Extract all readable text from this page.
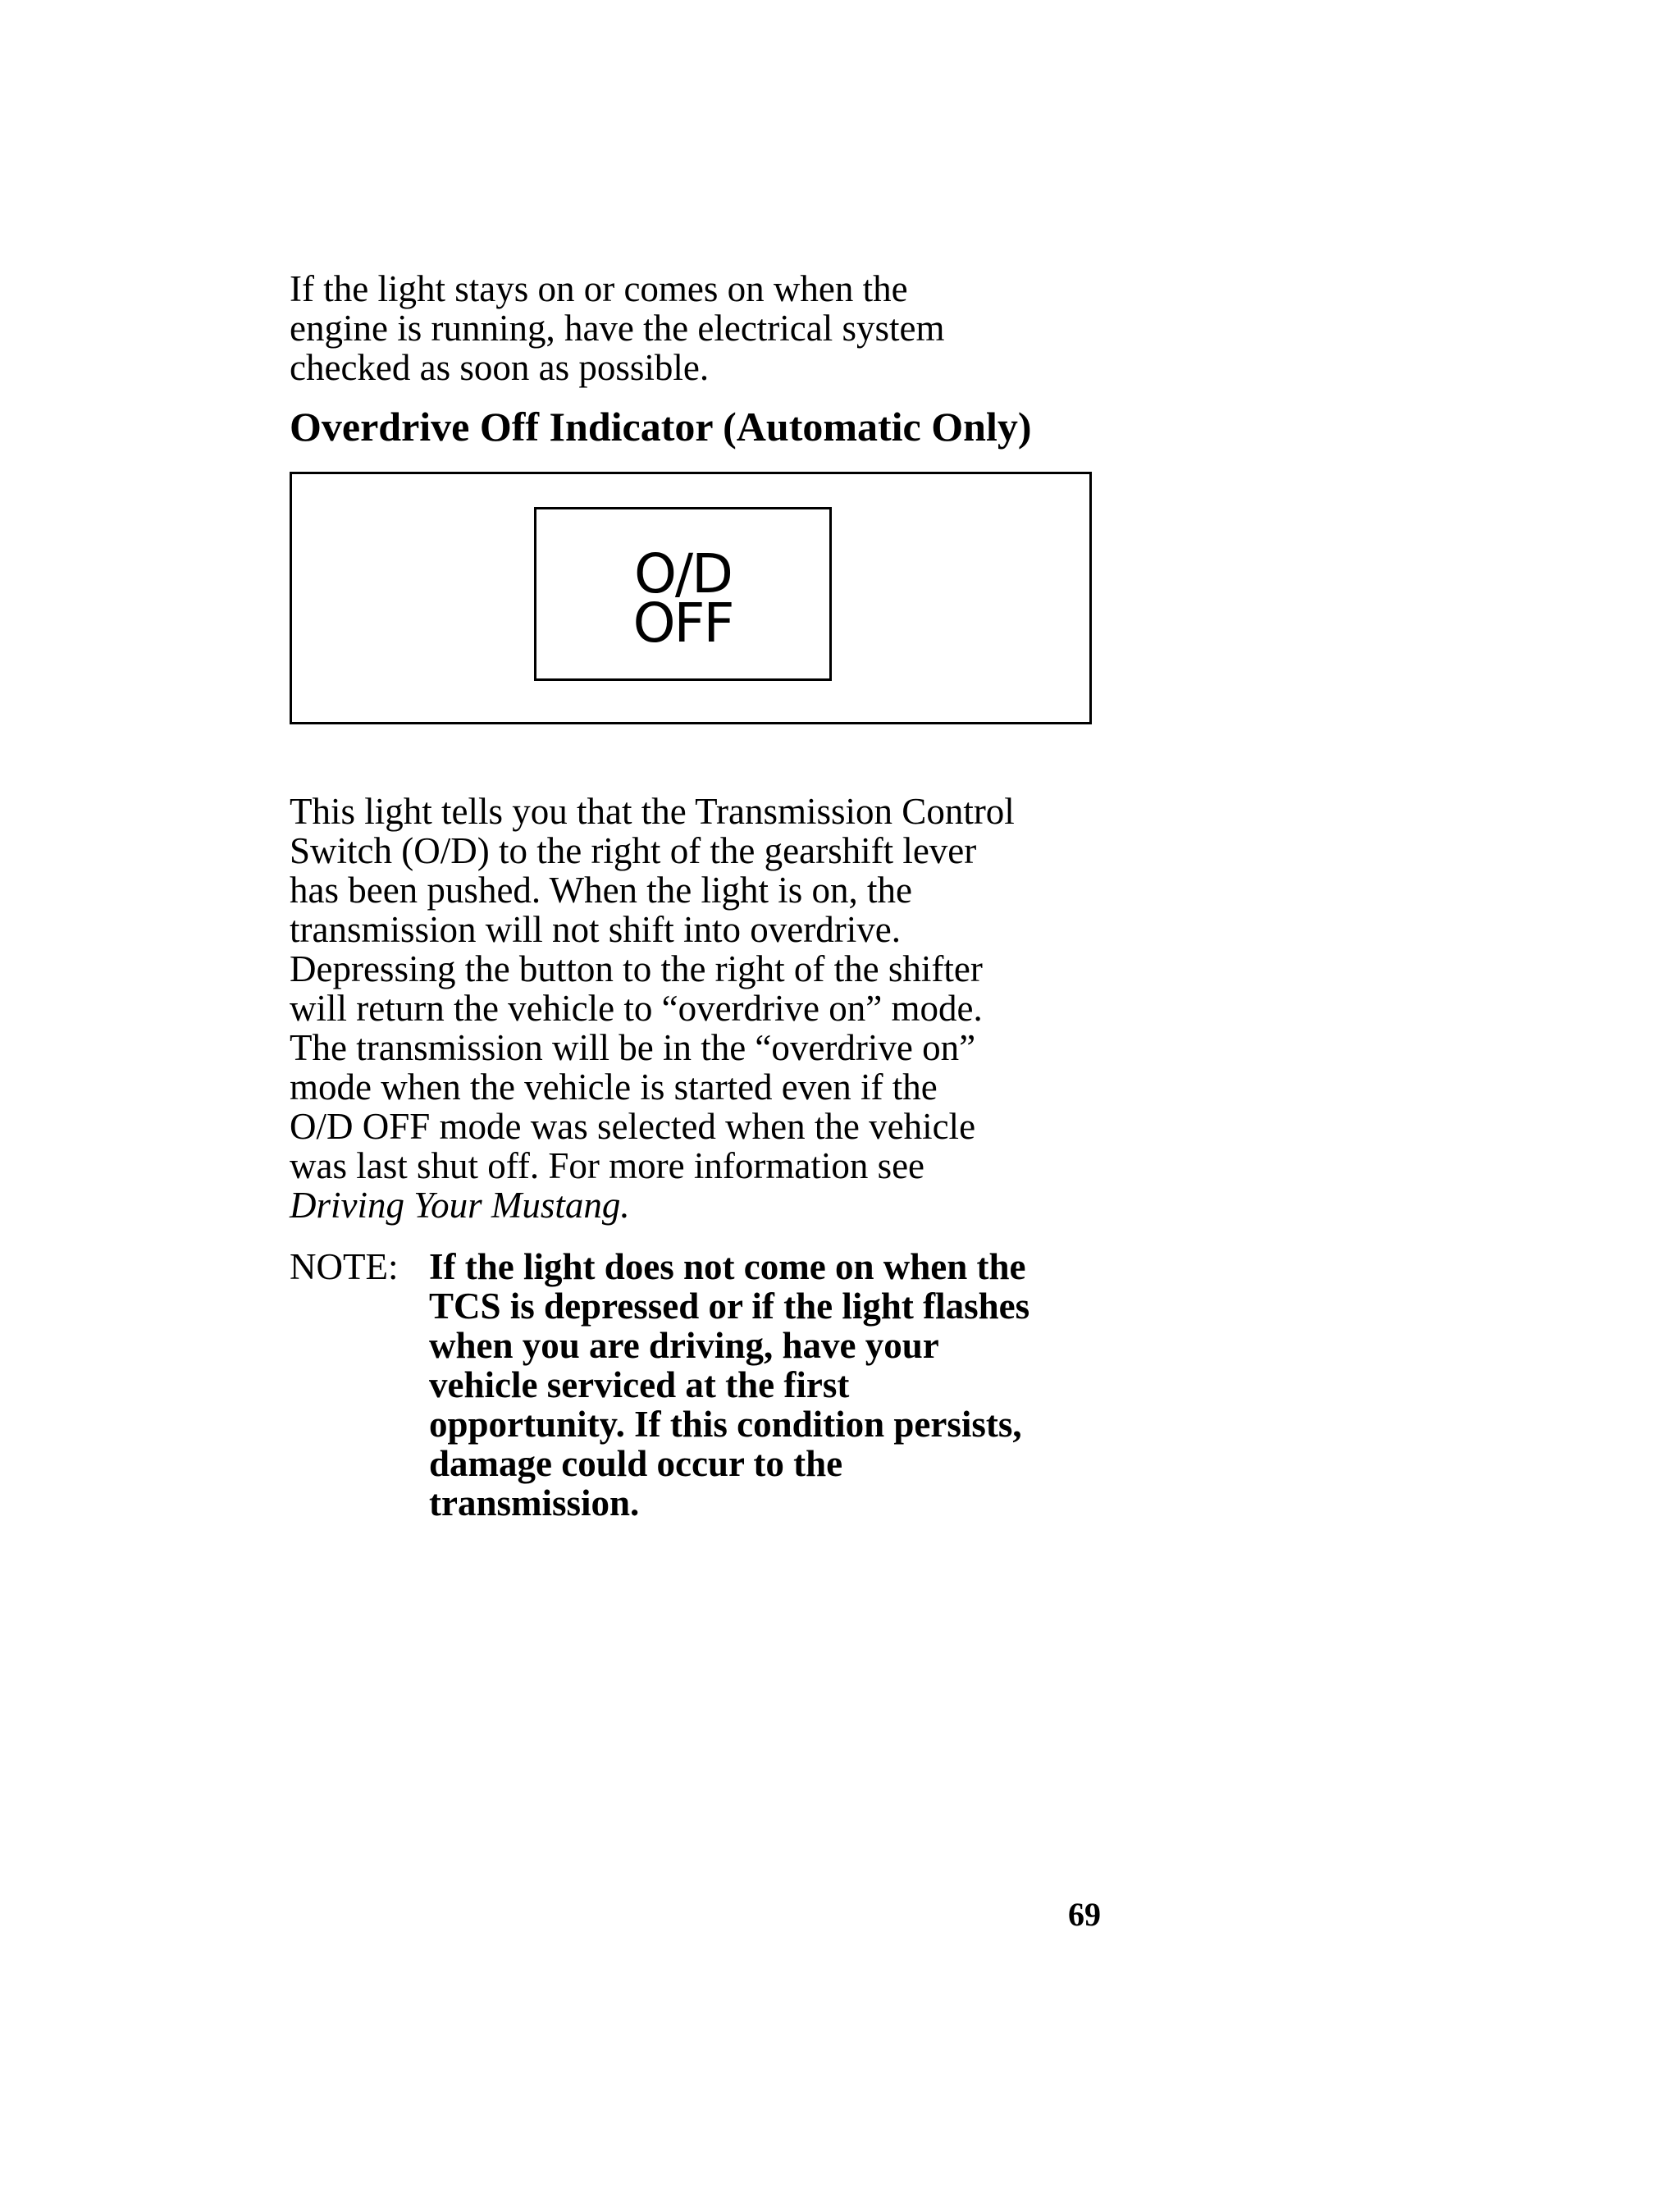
If the light stays on or comes on when the
engine is running, have the electrical system
checked as soon as possible.
Overdrive Off Indicator (Automatic Only)
O/D
OFF
This light tells you that the Transmission Control
Switch (O/D) to the right of the gearshift lever
has been pushed. When the light is on, the
transmission will not shift into overdrive.
Depressing the button to the right of the shifter
will return the vehicle to “overdrive on” mode.
The transmission will be in the “overdrive on”
mode when the vehicle is started even if the
O/D OFF mode was selected when the vehicle
was last shut off. For more information see
Driving Your Mustang.
NOTE: If the light does not come on when the
TCS is depressed or if the light flashes
when you are driving, have your
vehicle serviced at the first
opportunity. If this condition persists,
damage could occur to the
transmission.
69
